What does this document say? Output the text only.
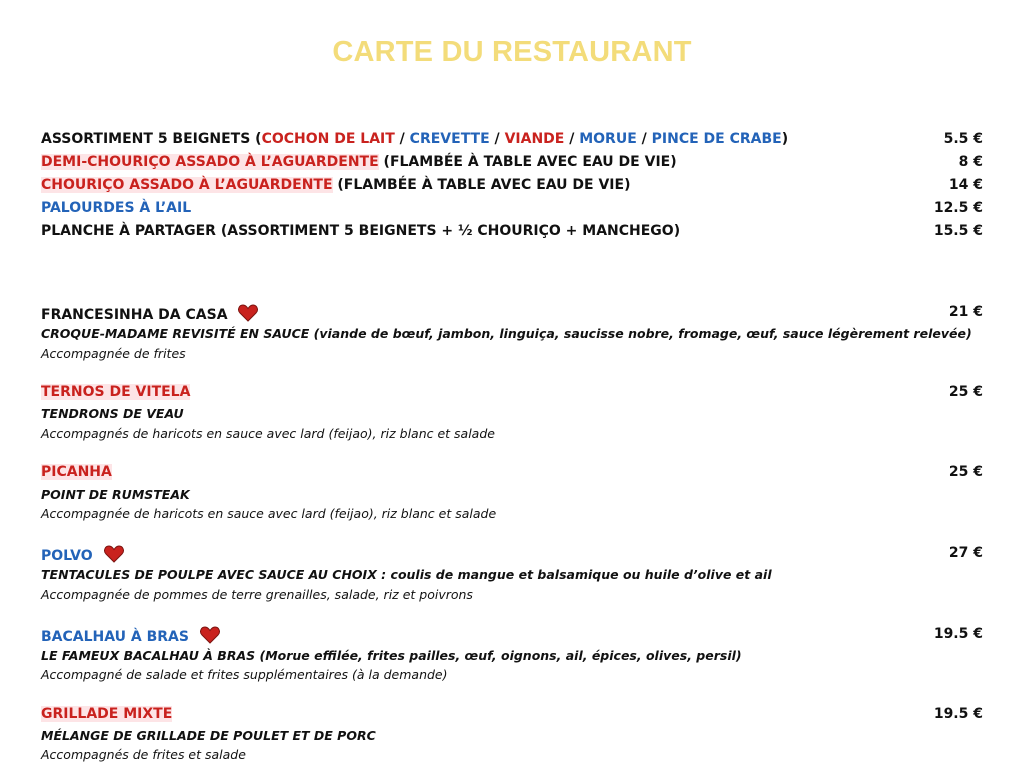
CARTE DU RESTAURANT
ASSORTIMENT 5 BEIGNETS (COCHON DE LAIT / CREVETTE / VIANDE / MORUE / PINCE DE CRABE)	5.5 €
DEMI-CHOURIÇO ASSADO À L’AGUARDENTE (FLAMBÉE À TABLE AVEC EAU DE VIE)	8 €
CHOURIÇO ASSADO À L’AGUARDENTE (FLAMBÉE À TABLE AVEC EAU DE VIE)	14 €
PALOURDES À L’AIL	12.5 €
PLANCHE À PARTAGER (ASSORTIMENT 5 BEIGNETS + ½ CHOURIÇO + MANCHEGO)	15.5 €
FRANCESINHA DA CASA	21 €
CROQUE-MADAME REVISITÉ EN SAUCE (viande de bœuf, jambon, linguiça, saucisse nobre, fromage, œuf, sauce légèrement relevée)
Accompagnée de frites
TERNOS DE VITELA	25 €
TENDRONS DE VEAU
Accompagnés de haricots en sauce avec lard (feijao), riz blanc et salade
PICANHA	25 €
POINT DE RUMSTEAK
Accompagnée de haricots en sauce avec lard (feijao), riz blanc et salade
POLVO	27 €
TENTACULES DE POULPE AVEC SAUCE AU CHOIX : coulis de mangue et balsamique ou huile d’olive et ail
Accompagnée de pommes de terre grenailles, salade, riz et poivrons
BACALHAU À BRAS	19.5 €
LE FAMEUX BACALHAU À BRAS (Morue effilée, frites pailles, œuf, oignons, ail, épices, olives, persil)
Accompagné de salade et frites supplémentaires (à la demande)
GRILLADE MIXTE	19.5 €
MÉLANGE DE GRILLADE DE POULET ET DE PORC
Accompagnés de frites et salade
